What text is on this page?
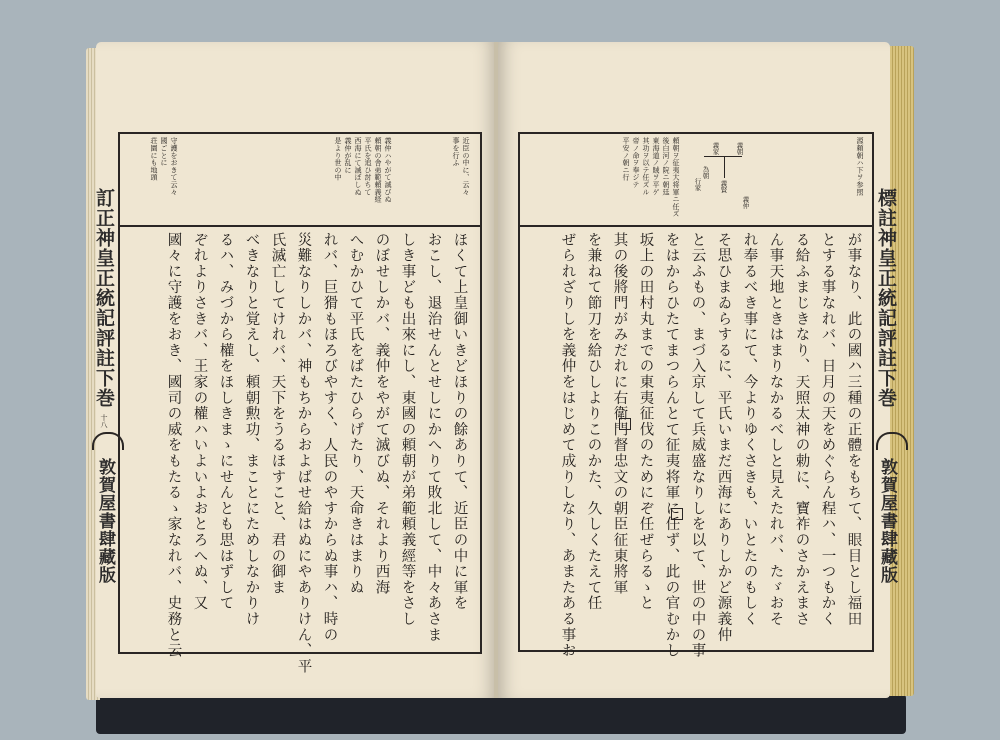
訂正神皇正統記評註下巻
十八
敦賀屋書肆藏版
近臣の中に、云々
事を行ふ
義仲ハやがて滅びぬ
頼朝の舎弟範頼義経
平氏を追ひ討ちて
西海にて滅ぼしぬ
義仲が乱に
是より世の中
守護をおきて云々
國ごとに
荘園にも地頭
ほくて上皇御いきどほりの餘ありて、近臣の中に軍を
おこし、退治せんとせしにかへりて敗北して、中々あさま
しき事ども出來にし、東國の頼朝が弟範頼義經等をさし
のぼせしかバ、義仲をやがて滅びぬ、それより西海
へむかひて平氏をばたひらげたり、天命きはまりぬ
れバ、巨猾もほろびやすく、人民のやすからぬ事ハ、時の
災難なりしかバ、神もちからおよばせ給はぬにやありけん、平
氏滅亡してけれバ、天下をうるほすこと、君の御ま
べきなりと覚えし、頼朝勲功、まことにためしなかりけ
るハ、みづから權をほしきまゝにせんとも思はずして
ぞれよりさきバ、王家の權ハいよいよおとろへぬ、又
國々に守護をおき、國司の威をもたるゝ家なれバ、史務と云	標註神皇正統記評註下巻
敦賀屋書肆藏版
源頼朝ハ下ヲ参照
頼朝ヲ征夷大将軍ニ任ズ
後白河ノ院ニ朝廷
東海道ノ賊ヲ平ゲ
其功ヲ以テ任ズル
帝ノ命ヲ奉ジテ
平安ノ朝ニ行	義朝
義家
義賢
義仲
為朝
行家
が事なり、此の國ハ三種の正體をもちて、眼目とし福田
とする事なれバ、日月の天をめぐらん程ハ、一つもかく
る給ふまじきなり、天照太神の勅に、寶祚のさかえまさ
ん事天地ときはまりなかるべしと見えたれバ、たゞおそ
れ奉るべき事にて、今よりゆくさきも、いとたのもしく
そ思ひまゐらするに、平氏いまだ西海にありしかど源義仲
と云ふもの、まづ入京して兵威盛なりしを以て、世の中の事
をはからひたてまつらんとて征夷将軍に任ず、此の官むかし
坂上の田村丸までの東夷征伐のためにぞ任ぜらるゝと
其の後將門がみだれに右衛門督忠文の朝臣征東將軍
を兼ねて節刀を給ひしよりこのかた、久しくたえて任
ぜられざりしを義仲をはじめて成りしなり、あまたある事お
